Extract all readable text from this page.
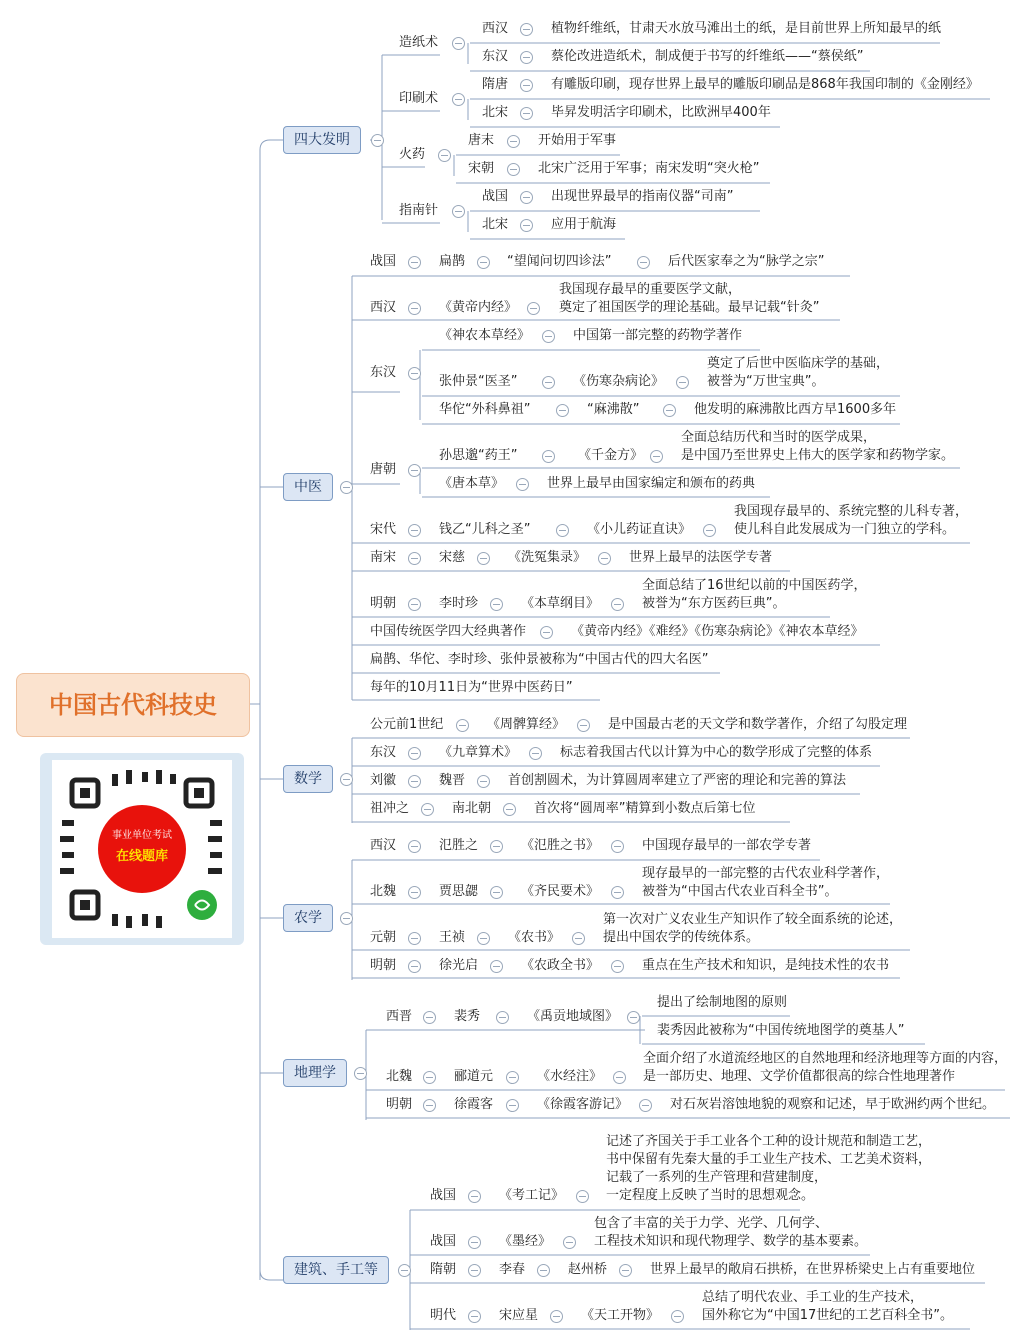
中国古代科技史
事业单位考试
在线题库
四大发明
造纸术
西汉	植物纤维纸，甘肃天水放马滩出土的纸，是目前世界上所知最早的纸
东汉	蔡伦改进造纸术，制成便于书写的纤维纸——“蔡侯纸”
印刷术
隋唐	有雕版印刷，现存世界上最早的雕版印刷品是868年我国印制的《金刚经》
北宋	毕昇发明活字印刷术，比欧洲早400年
火药
唐末	开始用于军事
宋朝	北宋广泛用于军事；南宋发明“突火枪”
指南针
战国	出现世界最早的指南仪器“司南”
北宋	应用于航海
中医
战国	扁鹊	“望闻问切四诊法”	后代医家奉之为“脉学之宗”
西汉	《黄帝内经》
我国现存最早的重要医学文献，
奠定了祖国医学的理论基础。最早记载“针灸”
东汉
《神农本草经》	中国第一部完整的药物学著作
张仲景“医圣”	《伤寒杂病论》
奠定了后世中医临床学的基础，
被誉为“万世宝典”。
华佗“外科鼻祖”	“麻沸散”	他发明的麻沸散比西方早1600多年
唐朝
孙思邈“药王”	《千金方》
全面总结历代和当时的医学成果，
是中国乃至世界史上伟大的医学家和药物学家。
《唐本草》	世界上最早由国家编定和颁布的药典
宋代	钱乙“儿科之圣”	《小儿药证直诀》
我国现存最早的、系统完整的儿科专著，
使儿科自此发展成为一门独立的学科。
南宋	宋慈	《洗冤集录》	世界上最早的法医学专著
明朝	李时珍	《本草纲目》
全面总结了16世纪以前的中国医药学，
被誉为“东方医药巨典”。
中国传统医学四大经典著作	《黄帝内经》《难经》《伤寒杂病论》《神农本草经》
扁鹊、华佗、李时珍、张仲景被称为“中国古代的四大名医”
每年的10月11日为“世界中医药日”
数学
公元前1世纪	《周髀算经》	是中国最古老的天文学和数学著作，介绍了勾股定理
东汉	《九章算术》	标志着我国古代以计算为中心的数学形成了完整的体系
刘徽	魏晋	首创割圆术，为计算圆周率建立了严密的理论和完善的算法
祖冲之	南北朝	首次将“圆周率”精算到小数点后第七位
农学
西汉	氾胜之	《氾胜之书》	中国现存最早的一部农学专著
北魏	贾思勰	《齐民要术》
现存最早的一部完整的古代农业科学著作，
被誉为“中国古代农业百科全书”。
元朝	王祯	《农书》
第一次对广义农业生产知识作了较全面系统的论述，
提出中国农学的传统体系。
明朝	徐光启	《农政全书》	重点在生产技术和知识，是纯技术性的农书
地理学
西晋	裴秀	《禹贡地域图》
提出了绘制地图的原则
裴秀因此被称为“中国传统地图学的奠基人”
北魏	郦道元	《水经注》
全面介绍了水道流经地区的自然地理和经济地理等方面的内容，
是一部历史、地理、文学价值都很高的综合性地理著作
明朝	徐霞客	《徐霞客游记》	对石灰岩溶蚀地貌的观察和记述，早于欧洲约两个世纪。
建筑、手工等
战国	《考工记》
记述了齐国关于手工业各个工种的设计规范和制造工艺，
书中保留有先秦大量的手工业生产技术、工艺美术资料，
记载了一系列的生产管理和营建制度，
一定程度上反映了当时的思想观念。
战国	《墨经》
包含了丰富的关于力学、光学、几何学、
工程技术知识和现代物理学、数学的基本要素。
隋朝	李春	赵州桥	世界上最早的敞肩石拱桥，在世界桥梁史上占有重要地位
明代	宋应星	《天工开物》
总结了明代农业、手工业的生产技术，
国外称它为“中国17世纪的工艺百科全书”。
